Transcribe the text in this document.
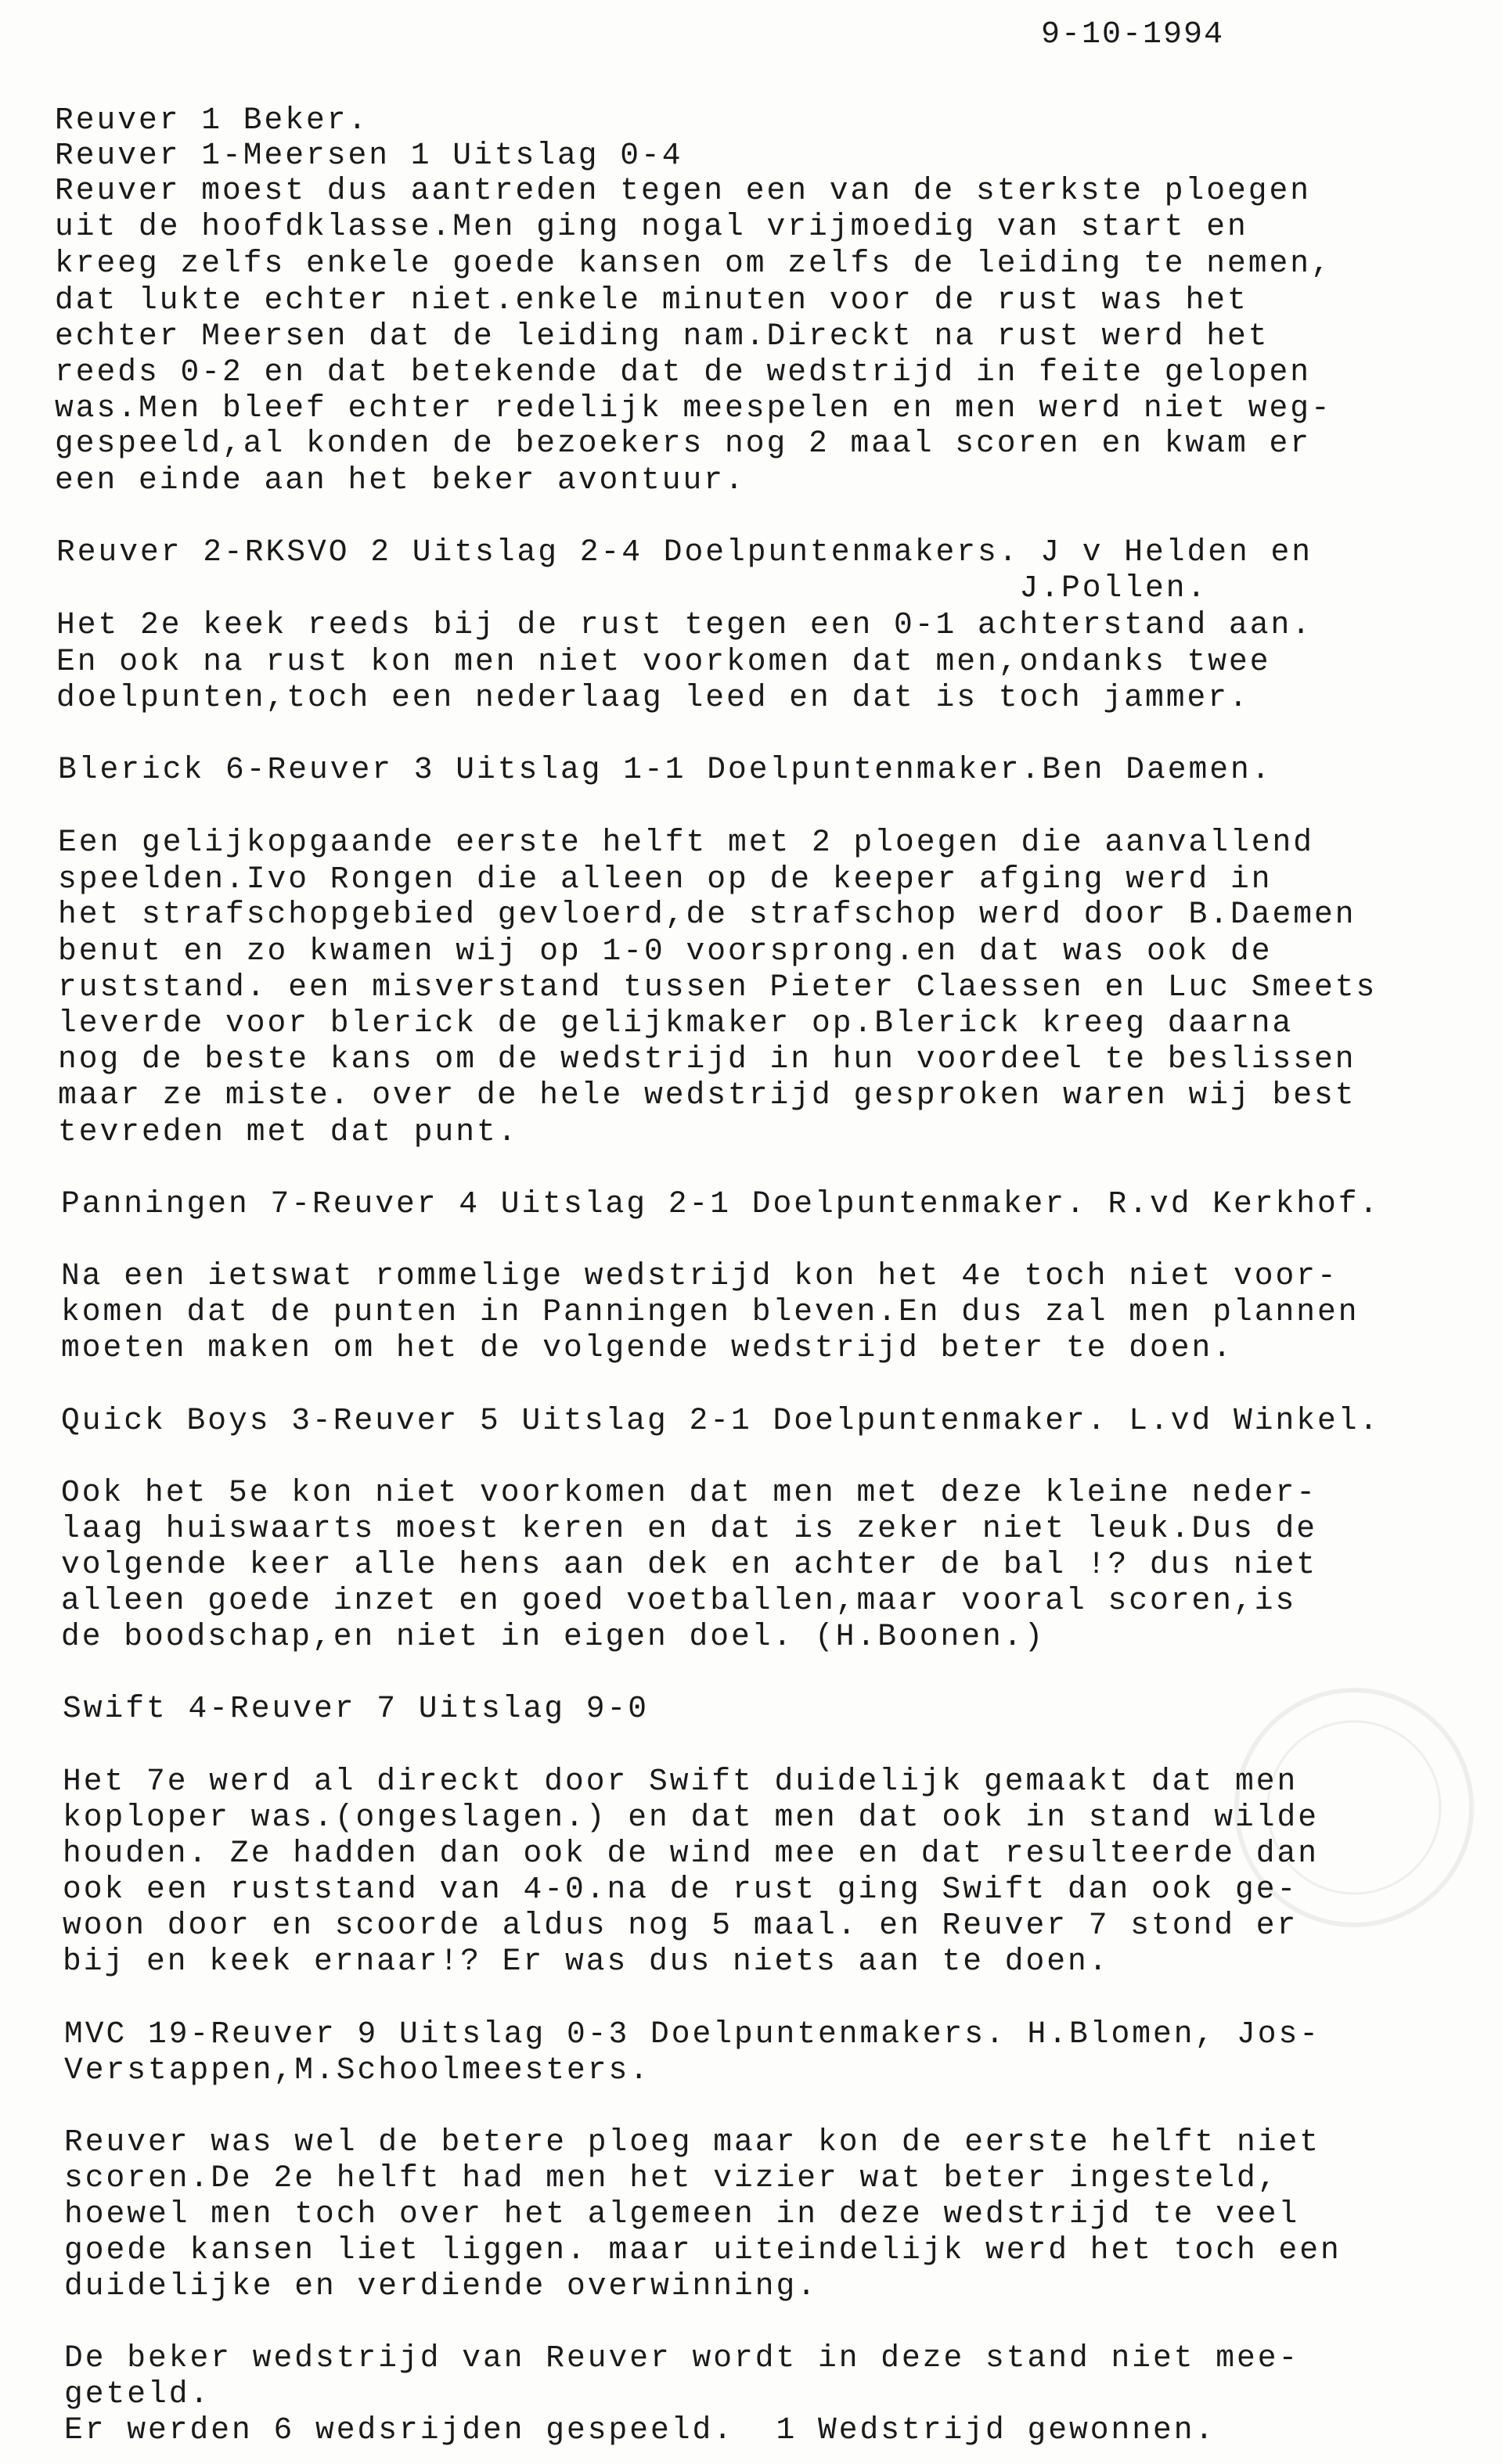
9-10-1994
Reuver 1 Beker.
Reuver 1-Meersen 1 Uitslag 0-4
Reuver moest dus aantreden tegen een van de sterkste ploegen
uit de hoofdklasse.Men ging nogal vrijmoedig van start en
kreeg zelfs enkele goede kansen om zelfs de leiding te nemen,
dat lukte echter niet.enkele minuten voor de rust was het
echter Meersen dat de leiding nam.Direckt na rust werd het
reeds 0-2 en dat betekende dat de wedstrijd in feite gelopen
was.Men bleef echter redelijk meespelen en men werd niet weg-
gespeeld,al konden de bezoekers nog 2 maal scoren en kwam er
een einde aan het beker avontuur.
Reuver 2-RKSVO 2 Uitslag 2-4 Doelpuntenmakers. J v Helden en
J.Pollen.
Het 2e keek reeds bij de rust tegen een 0-1 achterstand aan.
En ook na rust kon men niet voorkomen dat men,ondanks twee
doelpunten,toch een nederlaag leed en dat is toch jammer.
Blerick 6-Reuver 3 Uitslag 1-1 Doelpuntenmaker.Ben Daemen.
Een gelijkopgaande eerste helft met 2 ploegen die aanvallend
speelden.Ivo Rongen die alleen op de keeper afging werd in
het strafschopgebied gevloerd,de strafschop werd door B.Daemen
benut en zo kwamen wij op 1-0 voorsprong.en dat was ook de
ruststand. een misverstand tussen Pieter Claessen en Luc Smeets
leverde voor blerick de gelijkmaker op.Blerick kreeg daarna
nog de beste kans om de wedstrijd in hun voordeel te beslissen
maar ze miste. over de hele wedstrijd gesproken waren wij best
tevreden met dat punt.
Panningen 7-Reuver 4 Uitslag 2-1 Doelpuntenmaker. R.vd Kerkhof.
Na een ietswat rommelige wedstrijd kon het 4e toch niet voor-
komen dat de punten in Panningen bleven.En dus zal men plannen
moeten maken om het de volgende wedstrijd beter te doen.
Quick Boys 3-Reuver 5 Uitslag 2-1 Doelpuntenmaker. L.vd Winkel.
Ook het 5e kon niet voorkomen dat men met deze kleine neder-
laag huiswaarts moest keren en dat is zeker niet leuk.Dus de
volgende keer alle hens aan dek en achter de bal !? dus niet
alleen goede inzet en goed voetballen,maar vooral scoren,is
de boodschap,en niet in eigen doel. (H.Boonen.)
Swift 4-Reuver 7 Uitslag 9-0
Het 7e werd al direckt door Swift duidelijk gemaakt dat men
koploper was.(ongeslagen.) en dat men dat ook in stand wilde
houden. Ze hadden dan ook de wind mee en dat resulteerde dan
ook een ruststand van 4-0.na de rust ging Swift dan ook ge-
woon door en scoorde aldus nog 5 maal. en Reuver 7 stond er
bij en keek ernaar!? Er was dus niets aan te doen.
MVC 19-Reuver 9 Uitslag 0-3 Doelpuntenmakers. H.Blomen, Jos-
Verstappen,M.Schoolmeesters.
Reuver was wel de betere ploeg maar kon de eerste helft niet
scoren.De 2e helft had men het vizier wat beter ingesteld,
hoewel men toch over het algemeen in deze wedstrijd te veel
goede kansen liet liggen. maar uiteindelijk werd het toch een
duidelijke en verdiende overwinning.
De beker wedstrijd van Reuver wordt in deze stand niet mee-
geteld.
Er werden 6 wedsrijden gespeeld.  1 Wedstrijd gewonnen.
